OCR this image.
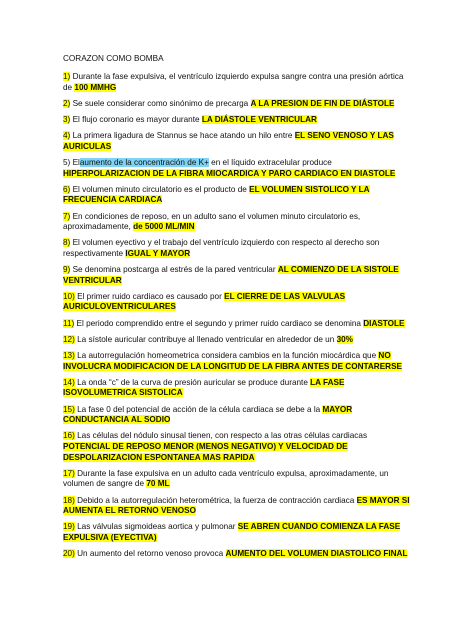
CORAZON COMO BOMBA
1) Durante la fase expulsiva, el ventrículo izquierdo expulsa sangre contra una presión aórtica de 100 MMHG
2) Se suele considerar como sinónimo de precarga A LA PRESION DE FIN DE DIÁSTOLE
3) El flujo coronario es mayor durante LA DIÁSTOLE VENTRICULAR
4) La primera ligadura de Stannus se hace atando un hilo entre EL SENO VENOSO Y LAS AURICULAS
5) Elaumento de la concentración de K+ en el líquido extracelular produce HIPERPOLARIZACION DE LA FIBRA MIOCARDICA Y PARO CARDIACO EN DIASTOLE
6) El volumen minuto circulatorio es el producto de EL VOLUMEN SISTOLICO Y LA FRECUENCIA CARDIACA
7) En condiciones de reposo, en un adulto sano el volumen minuto circulatorio es, aproximadamente, de 5000 ML/MIN
8) El volumen eyectivo y el trabajo del ventrículo izquierdo con respecto al derecho son respectivamente IGUAL Y MAYOR
9) Se denomina postcarga al estrés de la pared ventricular AL COMIENZO DE LA SISTOLE VENTRICULAR
10) El primer ruido cardiaco es causado por EL CIERRE DE LAS VALVULAS AURICULOVENTRICULARES
11) El periodo comprendido entre el segundo y primer ruido cardiaco se denomina DIASTOLE
12) La sístole auricular contribuye al llenado ventricular en alrededor de un 30%
13) La autorregulación homeometrica considera cambios en la función miocárdica que NO INVOLUCRA MODIFICACION DE LA LONGITUD DE LA FIBRA ANTES DE CONTARERSE
14) La onda “c” de la curva de presión auricular se produce durante LA FASE ISOVOLUMETRICA SISTOLICA
15) La fase 0 del potencial de acción de la célula cardiaca se debe a la MAYOR CONDUCTANCIA AL SODIO
16) Las células del nódulo sinusal tienen, con respecto a las otras células cardiacas POTENCIAL DE REPOSO MENOR (MENOS NEGATIVO) Y VELOCIDAD DE DESPOLARIZACION ESPONTANEA MAS RAPIDA
17) Durante la fase expulsiva en un adulto cada ventrículo expulsa, aproximadamente, un volumen de sangre de 70 ML
18) Debido a la autorregulación heterométrica, la fuerza de contracción cardiaca ES MAYOR SI AUMENTA EL RETORNO VENOSO
19) Las válvulas sigmoideas aortica y pulmonar SE ABREN CUANDO COMIENZA LA FASE EXPULSIVA (EYECTIVA)
20) Un aumento del retorno venoso provoca AUMENTO DEL VOLUMEN DIASTOLICO FINAL
